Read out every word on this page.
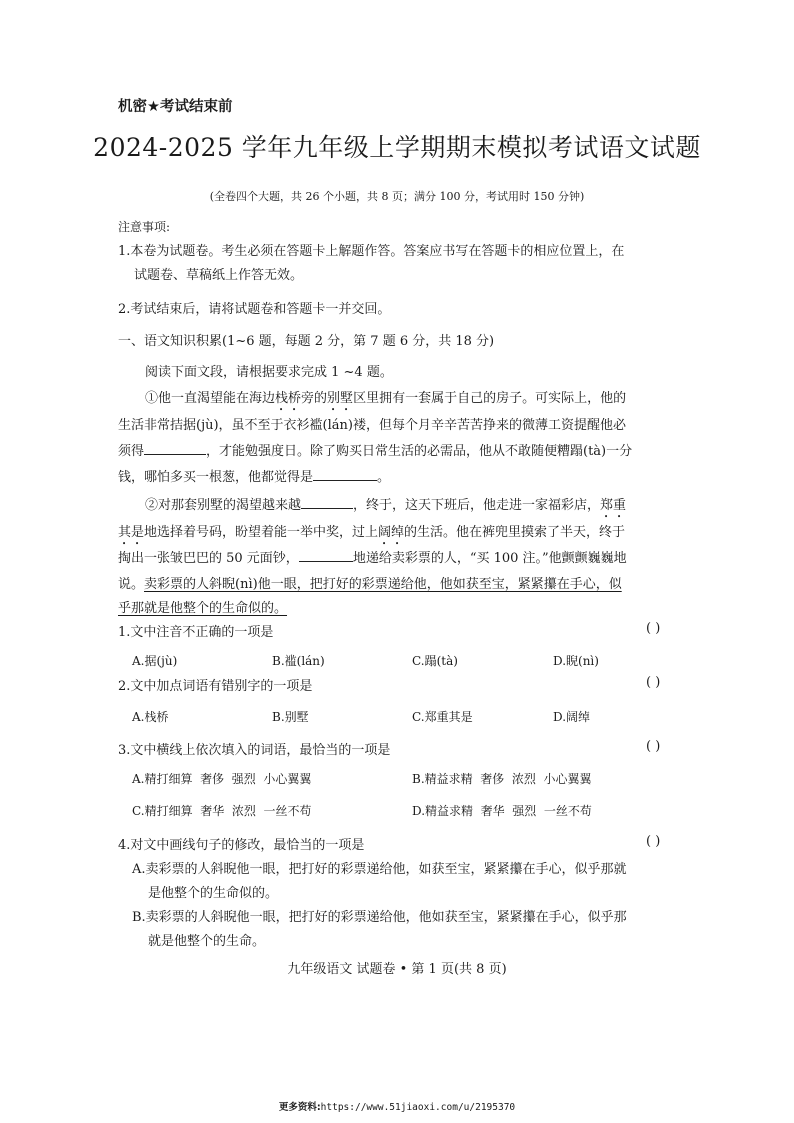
机密★考试结束前
2024-2025 学年九年级上学期期末模拟考试语文试题
(全卷四个大题，共 26 个小题，共 8 页；满分 100 分，考试用时 150 分钟)
注意事项:
1.本卷为试题卷。考生必须在答题卡上解题作答。答案应书写在答题卡的相应位置上，在
试题卷、草稿纸上作答无效。
2.考试结束后，请将试题卷和答题卡一并交回。
一、语文知识积累(1~6 题，每题 2 分，第 7 题 6 分，共 18 分)
阅读下面文段，请根据要求完成 1 ~4 题。
①他一直渴望能在海边栈桥旁的别墅区里拥有一套属于自己的房子。可实际上，他的
生活非常拮据(jù)，虽不至于衣衫褴(lán)褛，但每个月辛辛苦苦挣来的微薄工资提醒他必
须得	，才能勉强度日。除了购买日常生活的必需品，他从不敢随便糟蹋(tà)一分
钱，哪怕多买一根葱，他都觉得是	。
②对那套别墅的渴望越来越	，终于，这天下班后，他走进一家福彩店，郑重
其是地选择着号码，盼望着能一举中奖，过上阔绰的生活。他在裤兜里摸索了半天，终于
掏出一张皱巴巴的 50 元面钞，	地递给卖彩票的人，“买 100 注。”他颤颤巍巍地
说。卖彩票的人斜睨(nì)他一眼，把打好的彩票递给他，他如获至宝，紧紧攥在手心，似
乎那就是他整个的生命似的。
1.文中注音不正确的一项是	( )
A.据(jù)	B.褴(lán)	C.蹋(tà)	D.睨(nì)
2.文中加点词语有错别字的一项是	( )
A.栈桥	B.别墅	C.郑重其是	D.阔绰
3.文中横线上依次填入的词语，最恰当的一项是	( )
A.精打细算  奢侈  强烈  小心翼翼	B.精益求精  奢侈  浓烈  小心翼翼
C.精打细算  奢华  浓烈  一丝不苟	D.精益求精  奢华  强烈  一丝不苟
4.对文中画线句子的修改，最恰当的一项是	( )
A.卖彩票的人斜睨他一眼，把打好的彩票递给他，如获至宝，紧紧攥在手心，似乎那就
是他整个的生命似的。
B.卖彩票的人斜睨他一眼，把打好的彩票递给他，他如获至宝，紧紧攥在手心，似乎那
就是他整个的生命。
九年级语文 试题卷 • 第 1 页(共 8 页)
更多资料:https://www.51jiaoxi.com/u/2195370
